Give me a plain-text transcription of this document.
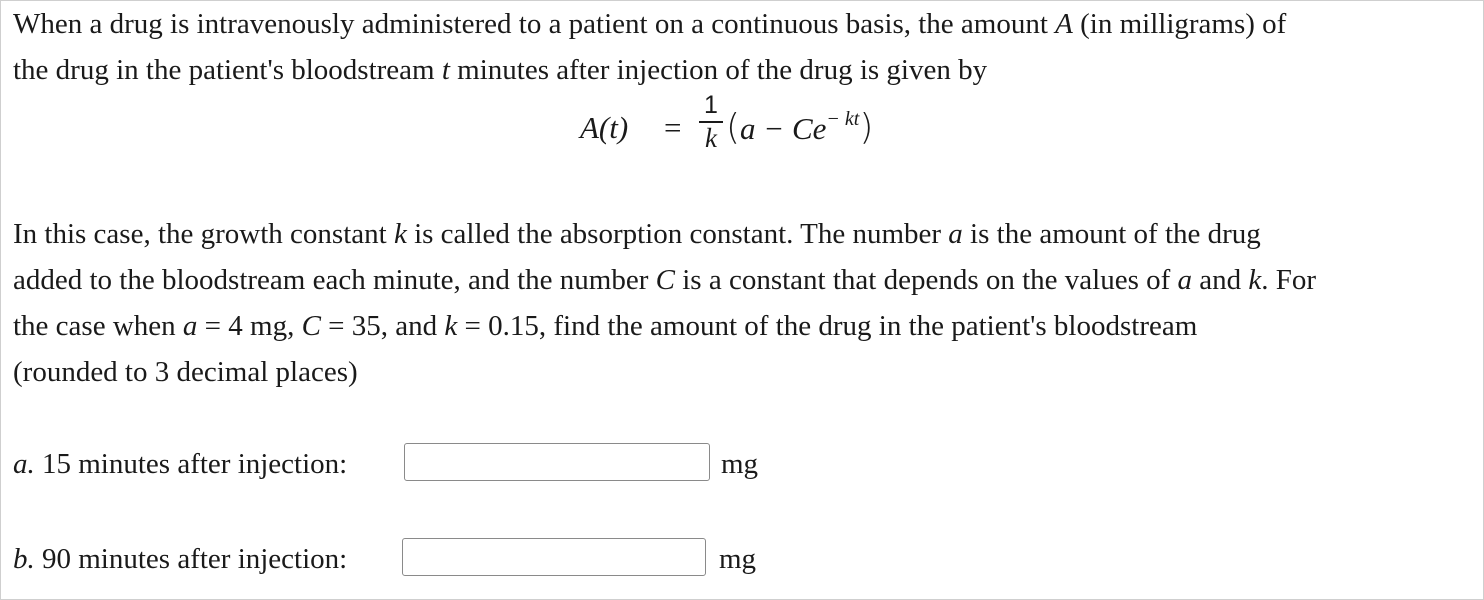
When a drug is intravenously administered to a patient on a continuous basis, the amount A (in milligrams) of
the drug in the patient's bloodstream t minutes after injection of the drug is given by

$A(t) = \frac{1}{k} (a - Ce^{- kt})$

In this case, the growth constant k is called the absorption constant. The number a is the amount of the drug
added to the bloodstream each minute, and the number C is a constant that depends on the values of a and k. For
the case when a = 4 mg, C = 35, and k = 0.15, find the amount of the drug in the patient's bloodstream
(rounded to 3 decimal places)

a. 15 minutes after injection:	mg
b. 90 minutes after injection:	mg
